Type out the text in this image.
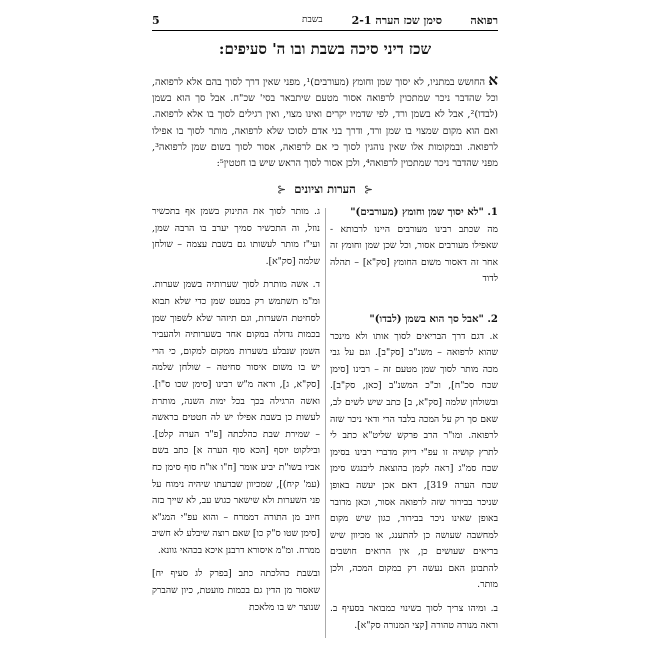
רפואה
סימן שכז הערה 2-1
בשבת
5
שכז דיני סיכה בשבת ובו ה' סעיפים:

א החושש במתניו, לא יסוך שמן וחומץ (מעורבים)¹, מפני שאין דרך לסוך בהם אלא לרפואה, וכל שהדבר ניכר שמתכוין לרפואה אסור מטעם שיתבאר בסי' שכ"ח. אבל סך הוא בשמן (לבדו)², אבל לא בשמן ורד, לפי שדמיו יקרים ואינו מצוי, ואין רגילים לסוך בו אלא לרפואה. ואם הוא מקום שמצוי בו שמן ורד, ודרך בני אדם לסוכו שלא לרפואה, מותר לסוך בו אפילו לרפואה. ובמקומות אלו שאין נוהגין לסוך כי אם לרפואה, אסור לסוך בשום שמן לרפואה³, מפני שהדבר ניכר שמתכוין לרפואה⁴, ולכן אסור לסוך הראש שיש בו חטטין⁵:

⊰ הערות וציונים ⊰

1. "לא יסוך שמן וחומץ (מעורבים)"
מה שכתב רבינו מעורבים היינו לרבותא - שאפילו מעורבים אסור, וכל שכן שמן וחומץ זה אחר זה דאסור משום החומץ [סק"א] – תהלה לדוד

2. "אבל סך הוא בשמן (לבדו)"
א. דגם דרך הבריאים לסוך אותו ולא מינכר שהוא לרפואה – משנ"ב [סק"ב]. וגם על גבי מכה מותר לסוך שמן מטעם זה – רבינו [סימן שכח סכ"ח], וכ"כ המשנ"ב [כאן, סק"ב]. ובשולחן שלמה [סק"א, ב] כתב שיש לשים לב, שאם סך רק על המכה בלבד הרי ודאי ניכר שזה לרפואה. ומו"ר הרב פרקש שליט"א כתב לי לתרץ קושיה זו עפ"י דיוק מדברי רבינו בסימן שכח סמ"ג [ראה לקמן בהוצאת ליבנגש סימן שכח הערה 319], דאם אכן יעשה באופן שניכר בבירור שזה לרפואה אסור, וכאן מדובר באופן שאינו ניכר בבירור, כגון שיש מקום למחשבה שעושה כן להתענג, או מכיוון שיש בריאים שעושים כן, אין הרואים חושבים להתבונן האם נעשה רק במקום המכה, ולכן מותר.

ב. ומיהו צריך לסוך בשינוי כמבואר בסעיף ב. וראה מנורה טהורה [קצי המנורה סק"א].

ג. מותר לסוך את התינוק בשמן אף בתכשיר נוזל, וה התכשיר סמיך יערב בו הרבה שמן, ועי"ז מותר לעשותו גם בשבת עצמה – שולחן שלמה [סק"א].

ד. אשה מותרת לסוך שערותיה בשמן שערות. ומ"מ תשתמש רק במעט שמן כדי שלא תבוא לסחיטת השערות, וגם תיזהר שלא לשפוך שמן בכמות גדולה במקום אחד בשערותיה ולהעביר השמן שנבלע בשערות ממקום למקום, כי הרי יש בו משום איסור סחיטה – שולחן שלמה [סק"א, ג], וראה מ"ש רבינו [סימן שכו ס"ו]. ואשה הרגילה בכך בכל ימות השנה, מותרת לעשות כן בשבת אפילו יש לה חטטים בראשה – שמירת שבת כהלכתה [פ"ד הערה קלט]. ובילקוט יוסף [הכא סוף הערה א] כתב בשם אביו בשו"ת יביע אומר [ח"ו או"ח סוף סימן כח (עמ' קיח)], שמכיוון שבדעתו שיהיה נימוח על פני השערות ולא שישאר כגוש עב, לא שייך בזה חיוב מן התורה דממרח – והוא עפ"י המג"א [סימן שטו ס"ק כו] שאם רוצה שיבלע לא חשיב ממרח. ומ"מ איסורא דרבנן איכא בכהאי גוונא.

ובשבת כהלכתה כתב [בפרק לג סעיף יח] שאסור מן הדין גם בכמות מועטת, כיון שהברק שנוצר יש בו מלאכת
